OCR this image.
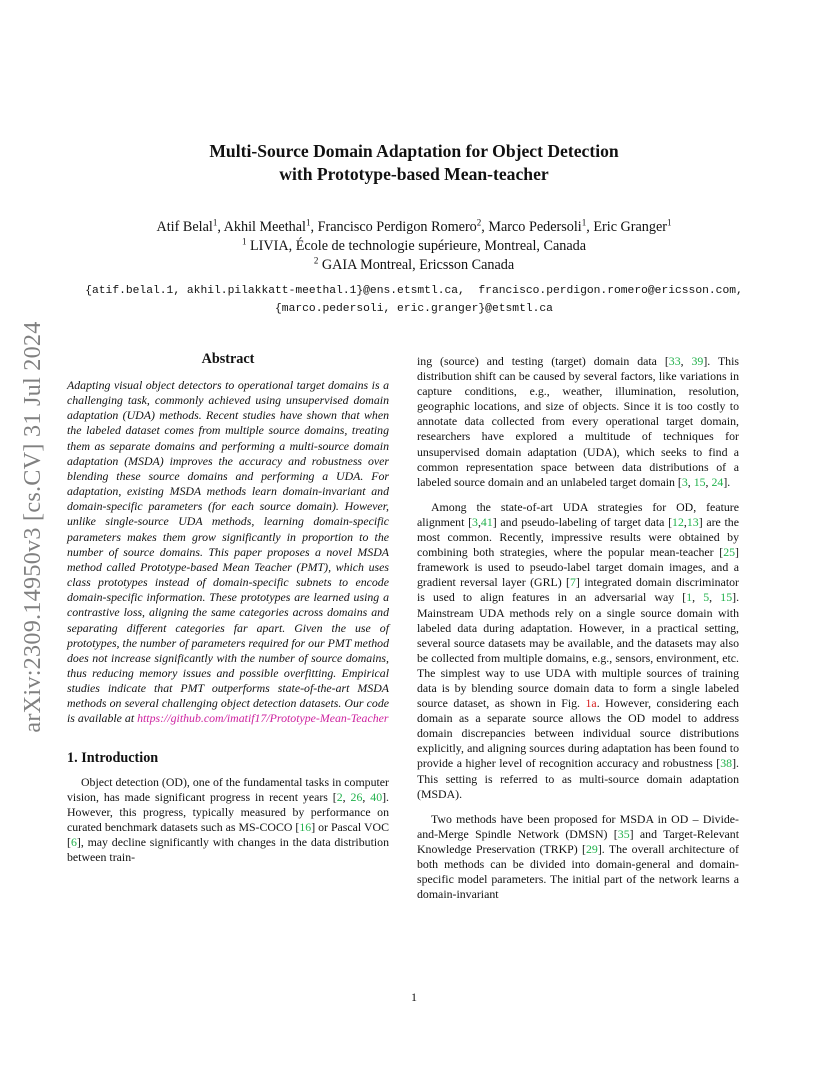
arXiv:2309.14950v3 [cs.CV] 31 Jul 2024
Multi-Source Domain Adaptation for Object Detection
with Prototype-based Mean-teacher
Atif Belal$^1$, Akhil Meethal$^1$, Francisco Perdigon Romero$^2$, Marco Pedersoli$^1$, Eric Granger$^1$
$^1$ LIVIA, École de technologie supérieure, Montreal, Canada
$^2$ GAIA Montreal, Ericsson Canada
{atif.belal.1, akhil.pilakkatt-meethal.1}@ens.etsmtl.ca,  francisco.perdigon.romero@ericsson.com,
{marco.pedersoli, eric.granger}@etsmtl.ca
Abstract

Adapting visual object detectors to operational target domains is a challenging task, commonly achieved using unsupervised domain adaptation (UDA) methods. Recent studies have shown that when the labeled dataset comes from multiple source domains, treating them as separate domains and performing a multi-source domain adaptation (MSDA) improves the accuracy and robustness over blending these source domains and performing a UDA. For adaptation, existing MSDA methods learn domain-invariant and domain-specific parameters (for each source domain). However, unlike single-source UDA methods, learning domain-specific parameters makes them grow significantly in proportion to the number of source domains. This paper proposes a novel MSDA method called Prototype-based Mean Teacher (PMT), which uses class prototypes instead of domain-specific subnets to encode domain-specific information. These prototypes are learned using a contrastive loss, aligning the same categories across domains and separating different categories far apart. Given the use of prototypes, the number of parameters required for our PMT method does not increase significantly with the number of source domains, thus reducing memory issues and possible overfitting. Empirical studies indicate that PMT outperforms state-of-the-art MSDA methods on several challenging object detection datasets. Our code is available at https://github.com/imatif17/Prototype-Mean-Teacher

1. Introduction

Object detection (OD), one of the fundamental tasks in computer vision, has made significant progress in recent years [2, 26, 40]. However, this progress, typically measured by performance on curated benchmark datasets such as MS-COCO [16] or Pascal VOC [6], may decline significantly with changes in the data distribution between train-

ing (source) and testing (target) domain data [33, 39]. This distribution shift can be caused by several factors, like variations in capture conditions, e.g., weather, illumination, resolution, geographic locations, and size of objects. Since it is too costly to annotate data collected from every operational target domain, researchers have explored a multitude of techniques for unsupervised domain adaptation (UDA), which seeks to find a common representation space between data distributions of a labeled source domain and an unlabeled target domain [3, 15, 24].

Among the state-of-art UDA strategies for OD, feature alignment [3,41] and pseudo-labeling of target data [12,13] are the most common. Recently, impressive results were obtained by combining both strategies, where the popular mean-teacher [25] framework is used to pseudo-label target domain images, and a gradient reversal layer (GRL) [7] integrated domain discriminator is used to align features in an adversarial way [1, 5, 15]. Mainstream UDA methods rely on a single source domain with labeled data during adaptation. However, in a practical setting, several source datasets may be available, and the datasets may also be collected from multiple domains, e.g., sensors, environment, etc. The simplest way to use UDA with multiple sources of training data is by blending source domain data to form a single labeled source dataset, as shown in Fig. 1a. However, considering each domain as a separate source allows the OD model to address domain discrepancies between individual source distributions explicitly, and aligning sources during adaptation has been found to provide a higher level of recognition accuracy and robustness [38]. This setting is referred to as multi-source domain adaptation (MSDA).

Two methods have been proposed for MSDA in OD – Divide-and-Merge Spindle Network (DMSN) [35] and Target-Relevant Knowledge Preservation (TRKP) [29]. The overall architecture of both methods can be divided into domain-general and domain-specific model parameters. The initial part of the network learns a domain-invariant

1
